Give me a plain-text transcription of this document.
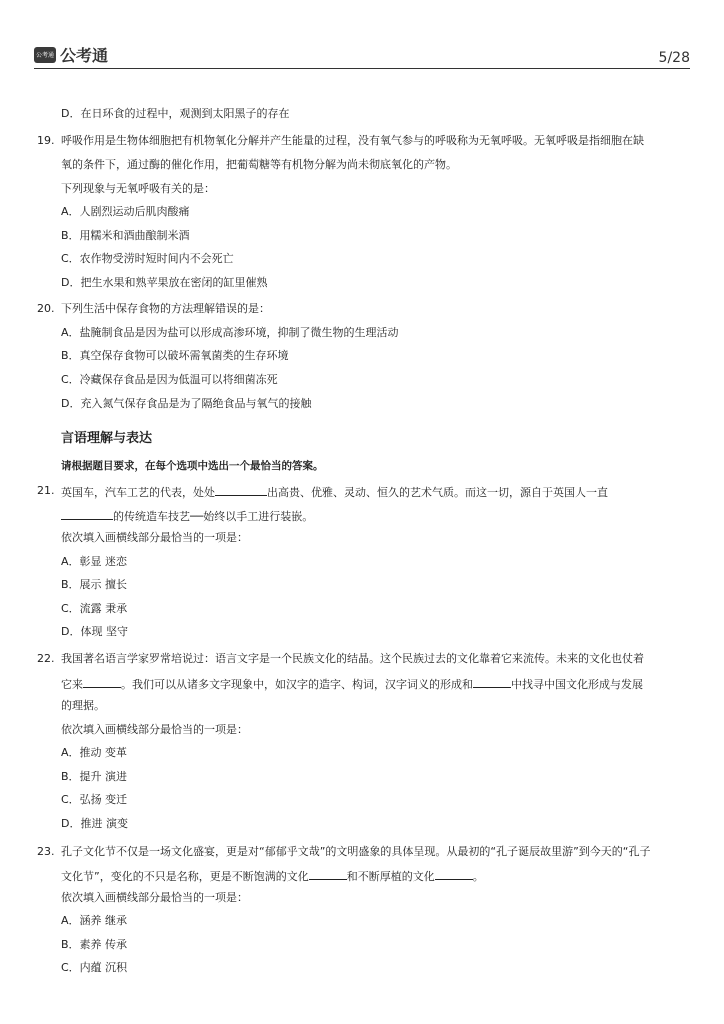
公考通 公考通	5/28
D．在日环食的过程中，观测到太阳黑子的存在
19. 呼吸作用是生物体细胞把有机物氧化分解并产生能量的过程，没有氧气参与的呼吸称为无氧呼吸。无氧呼吸是指细胞在缺
氧的条件下，通过酶的催化作用，把葡萄糖等有机物分解为尚未彻底氧化的产物。
下列现象与无氧呼吸有关的是：
A．人剧烈运动后肌肉酸痛
B．用糯米和酒曲酿制米酒
C．农作物受涝时短时间内不会死亡
D．把生水果和熟苹果放在密闭的缸里催熟
20. 下列生活中保存食物的方法理解错误的是：
A．盐腌制食品是因为盐可以形成高渗环境，抑制了微生物的生理活动
B．真空保存食物可以破坏需氧菌类的生存环境
C．冷藏保存食品是因为低温可以将细菌冻死
D．充入氮气保存食品是为了隔绝食品与氧气的接触
言语理解与表达
请根据题目要求，在每个选项中选出一个最恰当的答案。
21. 英国车，汽车工艺的代表，处处	出高贵、优雅、灵动、恒久的艺术气质。而这一切，源自于英国人一直
的传统造车技艺──始终以手工进行装嵌。
依次填入画横线部分最恰当的一项是：
A．彰显 迷恋
B．展示 擅长
C．流露 秉承
D．体现 坚守
22. 我国著名语言学家罗常培说过：语言文字是一个民族文化的结晶。这个民族过去的文化靠着它来流传。未来的文化也仗着
它来	。我们可以从诸多文字现象中，如汉字的造字、构词，汉字词义的形成和	中找寻中国文化形成与发展
的理据。
依次填入画横线部分最恰当的一项是：
A．推动 变革
B．提升 演进
C．弘扬 变迁
D．推进 演变
23. 孔子文化节不仅是一场文化盛宴，更是对“郁郁乎文哉”的文明盛象的具体呈现。从最初的“孔子诞辰故里游”到今天的“孔子
文化节”，变化的不只是名称，更是不断饱满的文化	和不断厚植的文化	。
依次填入画横线部分最恰当的一项是：
A．涵养 继承
B．素养 传承
C．内蕴 沉积
